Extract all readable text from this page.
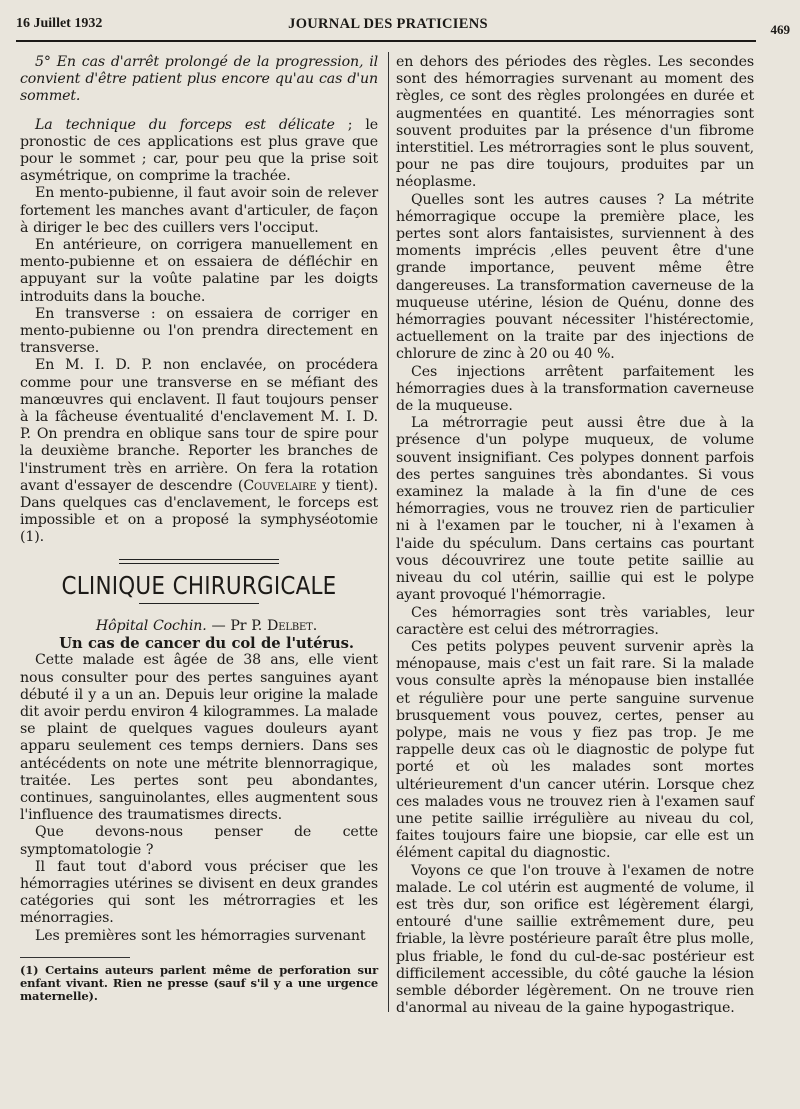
16 Juillet 1932	JOURNAL DES PRATICIENS	469

5° En cas d'arrêt prolongé de la progression, il convient d'être patient plus encore qu'au cas d'un sommet.

La technique du forceps est délicate ; le pronostic de ces applications est plus grave que pour le sommet ; car, pour peu que la prise soit asymétrique, on comprime la trachée.

En mento-pubienne, il faut avoir soin de relever fortement les manches avant d'articuler, de façon à diriger le bec des cuillers vers l'occiput.

En antérieure, on corrigera manuellement en mento-pubienne et on essaiera de défléchir en appuyant sur la voûte palatine par les doigts introduits dans la bouche.

En transverse : on essaiera de corriger en mento-pubienne ou l'on prendra directement en transverse.

En M. I. D. P. non enclavée, on procédera comme pour une transverse en se méfiant des manœuvres qui enclavent. Il faut toujours penser à la fâcheuse éventualité d'enclavement M. I. D. P. On prendra en oblique sans tour de spire pour la deuxième branche. Reporter les branches de l'instrument très en arrière. On fera la rotation avant d'essayer de descendre (Couvelaire y tient). Dans quelques cas d'enclavement, le forceps est impossible et on a proposé la symphyséotomie (1).

CLINIQUE CHIRURGICALE

Hôpital Cochin. — Pr P. Delbet.

Un cas de cancer du col de l'utérus.

Cette malade est âgée de 38 ans, elle vient nous consulter pour des pertes sanguines ayant débuté il y a un an. Depuis leur origine la malade dit avoir perdu environ 4 kilogrammes. La malade se plaint de quelques vagues douleurs ayant apparu seulement ces temps derniers. Dans ses antécédents on note une métrite blennorragique, traitée. Les pertes sont peu abondantes, continues, sanguinolantes, elles augmentent sous l'influence des traumatismes directs.

Que devons-nous penser de cette symptomatologie ?

Il faut tout d'abord vous préciser que les hémorragies utérines se divisent en deux grandes catégories qui sont les métrorragies et les ménorragies.

Les premières sont les hémorragies survenant

(1) Certains auteurs parlent même de perforation sur enfant vivant. Rien ne presse (sauf s'il y a une urgence maternelle).

en dehors des périodes des règles. Les secondes sont des hémorragies survenant au moment des règles, ce sont des règles prolongées en durée et augmentées en quantité. Les ménorragies sont souvent produites par la présence d'un fibrome interstitiel. Les métrorragies sont le plus souvent, pour ne pas dire toujours, produites par un néoplasme.

Quelles sont les autres causes ? La métrite hémorragique occupe la première place, les pertes sont alors fantaisistes, surviennent à des moments imprécis ,elles peuvent être d'une grande importance, peuvent même être dangereuses. La transformation caverneuse de la muqueuse utérine, lésion de Quénu, donne des hémorragies pouvant nécessiter l'histérectomie, actuellement on la traite par des injections de chlorure de zinc à 20 ou 40 %.

Ces injections arrêtent parfaitement les hémorragies dues à la transformation caverneuse de la muqueuse.

La métrorragie peut aussi être due à la présence d'un polype muqueux, de volume souvent insignifiant. Ces polypes donnent parfois des pertes sanguines très abondantes. Si vous examinez la malade à la fin d'une de ces hémorragies, vous ne trouvez rien de particulier ni à l'examen par le toucher, ni à l'examen à l'aide du spéculum. Dans certains cas pourtant vous découvrirez une toute petite saillie au niveau du col utérin, saillie qui est le polype ayant provoqué l'hémorragie.

Ces hémorragies sont très variables, leur caractère est celui des métrorragies.

Ces petits polypes peuvent survenir après la ménopause, mais c'est un fait rare. Si la malade vous consulte après la ménopause bien installée et régulière pour une perte sanguine survenue brusquement vous pouvez, certes, penser au polype, mais ne vous y fiez pas trop. Je me rappelle deux cas où le diagnostic de polype fut porté et où les malades sont mortes ultérieurement d'un cancer utérin. Lorsque chez ces malades vous ne trouvez rien à l'examen sauf une petite saillie irrégulière au niveau du col, faites toujours faire une biopsie, car elle est un élément capital du diagnostic.

Voyons ce que l'on trouve à l'examen de notre malade. Le col utérin est augmenté de volume, il est très dur, son orifice est légèrement élargi, entouré d'une saillie extrêmement dure, peu friable, la lèvre postérieure paraît être plus molle, plus friable, le fond du cul-de-sac postérieur est difficilement accessible, du côté gauche la lésion semble déborder légèrement. On ne trouve rien d'anormal au niveau de la gaine hypogastrique.
